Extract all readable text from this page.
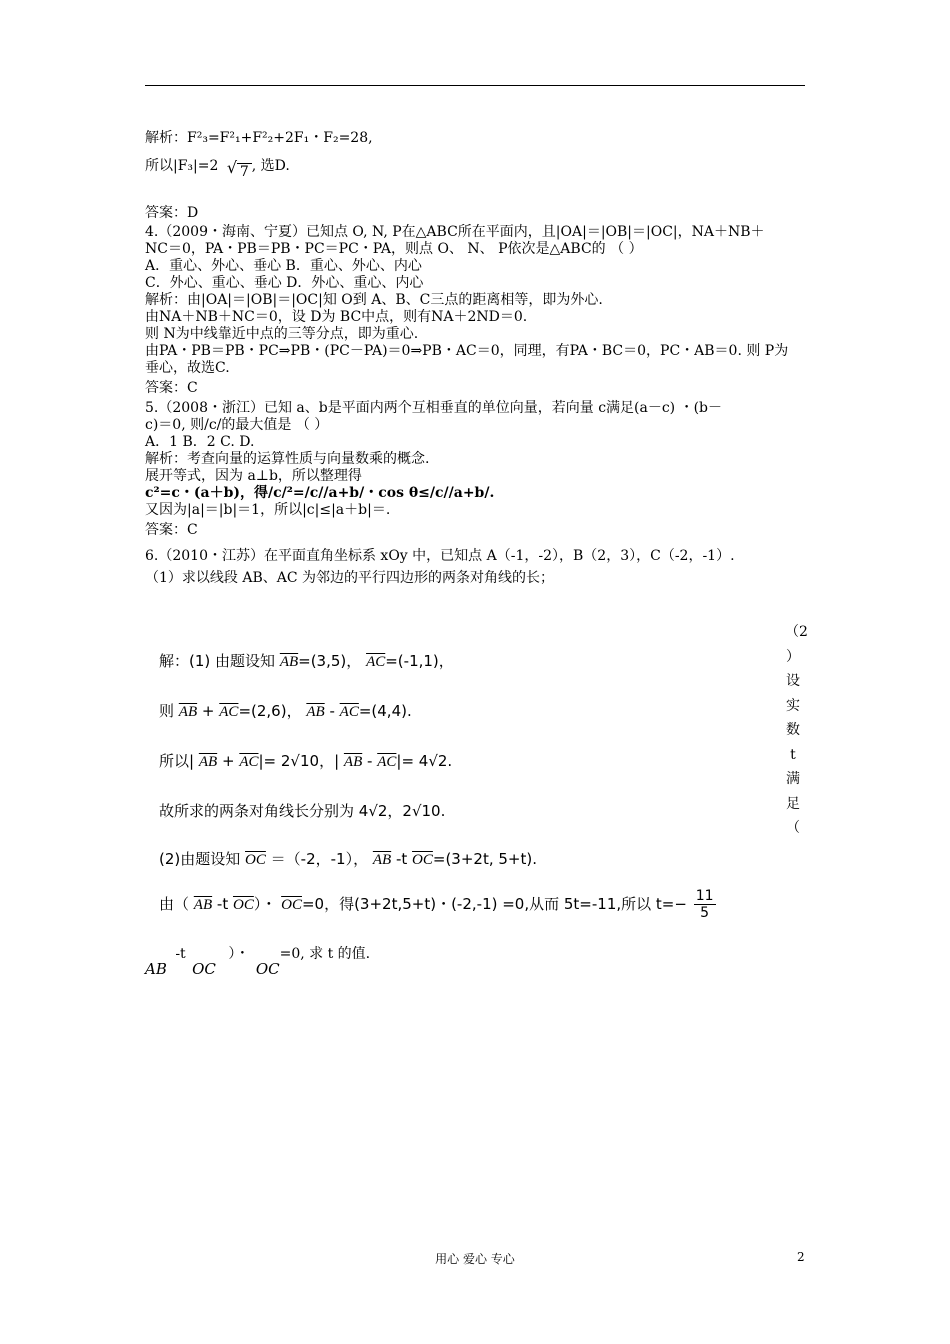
解析：F²₃=F²₁+F²₂+2F₁・F₂=28,
所以|F₃|=2 √ 7 , 选D.
答案：D
4.（2009・海南、宁夏）已知点 O, N, P在△ABC所在平面内，且|OA|＝|OB|＝|OC|，NA＋NB＋
NC＝0，PA・PB＝PB・PC＝PC・PA，则点 O、 N、 P依次是△ABC的 （ ）
A．重心、外心、垂心 B．重心、外心、内心
C．外心、重心、垂心 D．外心、重心、内心
解析：由|OA|＝|OB|＝|OC|知 O到 A、B、C三点的距离相等，即为外心.
由NA＋NB＋NC＝0，设 D为 BC中点，则有NA＋2ND＝0.
则 N为中线靠近中点的三等分点，即为重心.
由PA・PB＝PB・PC⇒PB・(PC－PA)＝0⇒PB・AC＝0，同理，有PA・BC＝0，PC・AB＝0. 则 P为
垂心，故选C.
答案：C
5.（2008・浙江）已知 a、b是平面内两个互相垂直的单位向量，若向量 c满足(a－c) ・(b－
c)＝0, 则/c/的最大值是 （ ）
A．1 B．2 C. D.
解析：考查向量的运算性质与向量数乘的概念.
展开等式，因为 a⊥b，所以整理得
c²=c・(a＋b)，得/c/²=/c//a+b/・cos θ≤/c//a+b/.
又因为|a|＝|b|＝1，所以|c|≤|a＋b|＝.
答案：C
6.（2010・江苏）在平面直角坐标系 xOy 中，已知点 A（-1，-2），B（2，3），C（-2，-1）.
（1）求以线段 AB、AC 为邻边的平行四边形的两条对角线的长；
（2
）
设
实
数
t
满
足
（
解：(1) 由题设知 $\overline{AB}=(3,5)$， $\overline{AC}=(-1,1)$，
则 $\overline{AB} + \overline{AC}=(2,6)$， $\overline{AB} - \overline{AC}=(4,4)$.
所以| $\overline{AB} + \overline{AC}|= 2√10$，| $\overline{AB} - \overline{AC}|= 4√2$.
故所求的两条对角线长分别为 4√2，2√10.
(2)由题设知 $\overline{OC} =(-2$，-1）， $\overline{AB}$ -t $\overline{OC}=(3+2t$, 5+t).
由（ $\overline{AB}$ -t $\overline{OC}$）・ $\overline{OC}=0$，得(3+2t,5+t)・(-2,-1) =0,从而 5t=-11,所以 $t=- \frac{11}{5}$
AB -t OC ）・ OC=0, 求 t 的值.
用心 爱心 专心	2
